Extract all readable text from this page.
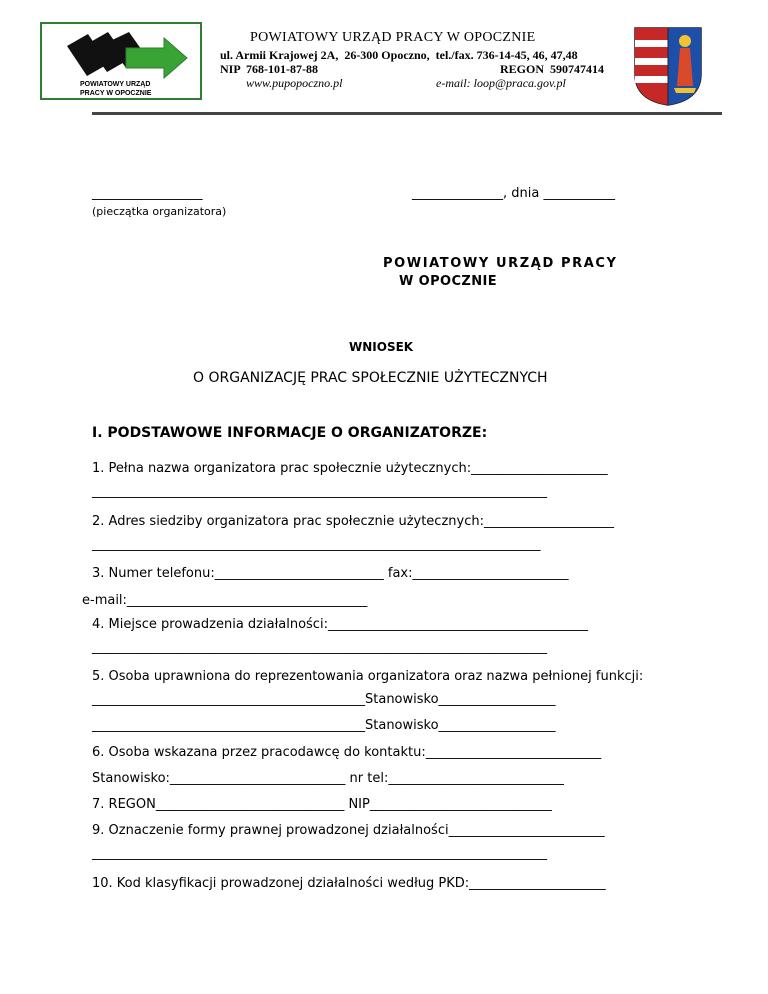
POWIATOWY URZĄD
PRACY W OPOCZNIE
POWIATOWY URZĄD PRACY W OPOCZNIE
ul. Armii Krajowej 2A,  26-300 Opoczno,  tel./fax. 736-14-45, 46, 47,48
NIP  768-101-87-88	REGON  590747414
www.pupopoczno.pl	e-mail: loop@praca.gov.pl
_________________
(pieczątka organizatora)
______________, dnia ___________
POWIATOWY URZĄD PRACY
W OPOCZNIE
WNIOSEK
O ORGANIZACJĘ PRAC SPOŁECZNIE UŻYTECZNYCH
I. PODSTAWOWE INFORMACJE O ORGANIZATORZE:
1. Pełna nazwa organizatora prac społecznie użytecznych:_____________________
______________________________________________________________________
2. Adres siedziby organizatora prac społecznie użytecznych:____________________
_____________________________________________________________________
3. Numer telefonu:__________________________ fax:________________________
e-mail:_____________________________________
4. Miejsce prowadzenia działalności:________________________________________
______________________________________________________________________
5. Osoba uprawniona do reprezentowania organizatora oraz nazwa pełnionej funkcji:
__________________________________________Stanowisko__________________
__________________________________________Stanowisko__________________
6. Osoba wskazana przez pracodawcę do kontaktu:___________________________
Stanowisko:___________________________ nr tel:___________________________
7. REGON_____________________________ NIP____________________________
9. Oznaczenie formy prawnej prowadzonej działalności________________________
______________________________________________________________________
10. Kod klasyfikacji prowadzonej działalności według PKD:_____________________
